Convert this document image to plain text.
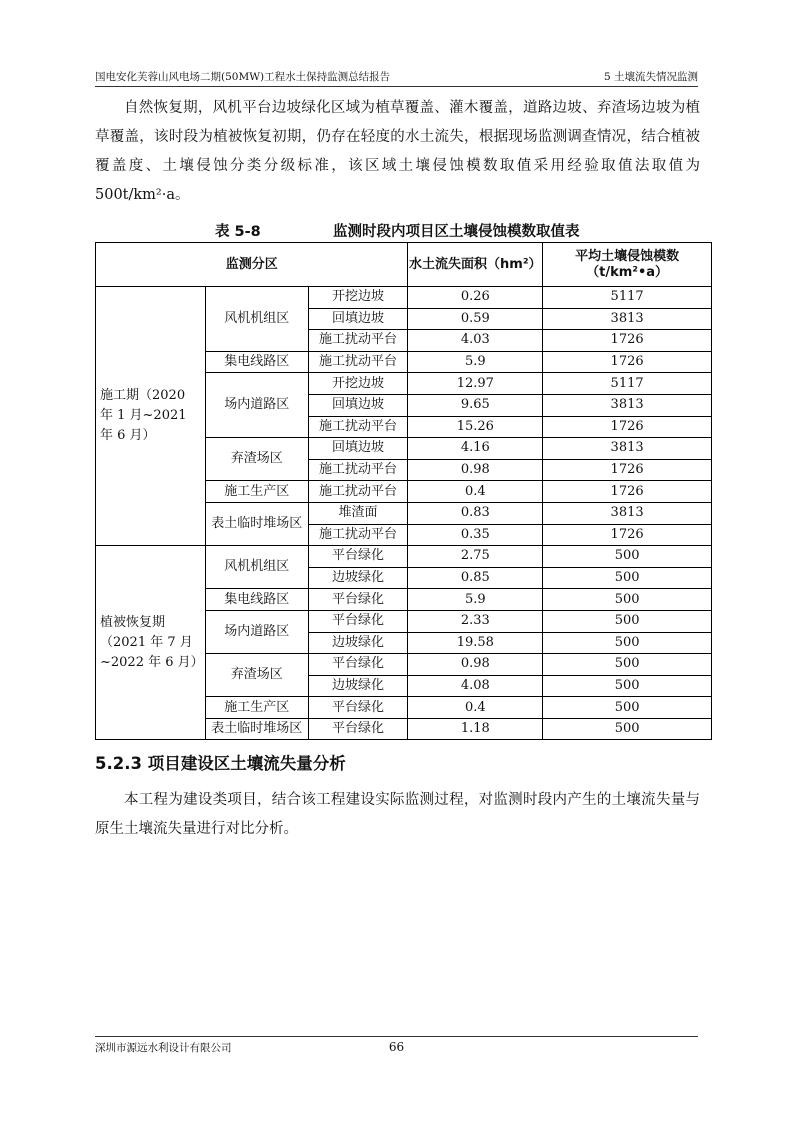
国电安化芙蓉山风电场二期(50MW)工程水土保持监测总结报告	5 土壤流失情况监测

自然恢复期，风机平台边坡绿化区域为植草覆盖、灌木覆盖，道路边坡、弃渣场边坡为植草覆盖，该时段为植被恢复初期，仍存在轻度的水土流失，根据现场监测调查情况，结合植被覆盖度、土壤侵蚀分类分级标准，该区域土壤侵蚀模数取值采用经验取值法取值为 500t/km²·a。

表 5-8	监测时段内项目区土壤侵蚀模数取值表
监测分区			水土流失面积（hm²）	平均土壤侵蚀模数（t/km²•a）
施工期（2020 年 1 月~2021 年 6 月）	风机机组区	开挖边坡	0.26	5117
		回填边坡	0.59	3813
		施工扰动平台	4.03	1726
	集电线路区	施工扰动平台	5.9	1726
	场内道路区	开挖边坡	12.97	5117
		回填边坡	9.65	3813
		施工扰动平台	15.26	1726
	弃渣场区	回填边坡	4.16	3813
		施工扰动平台	0.98	1726
	施工生产区	施工扰动平台	0.4	1726
	表土临时堆场区	堆渣面	0.83	3813
		施工扰动平台	0.35	1726
植被恢复期（2021 年 7 月~2022 年 6 月）	风机机组区	平台绿化	2.75	500
		边坡绿化	0.85	500
	集电线路区	平台绿化	5.9	500
	场内道路区	平台绿化	2.33	500
		边坡绿化	19.58	500
	弃渣场区	平台绿化	0.98	500
		边坡绿化	4.08	500
	施工生产区	平台绿化	0.4	500
	表土临时堆场区	平台绿化	1.18	500
5.2.3 项目建设区土壤流失量分析

本工程为建设类项目，结合该工程建设实际监测过程，对监测时段内产生的土壤流失量与原生土壤流失量进行对比分析。

深圳市源远水利设计有限公司	66
